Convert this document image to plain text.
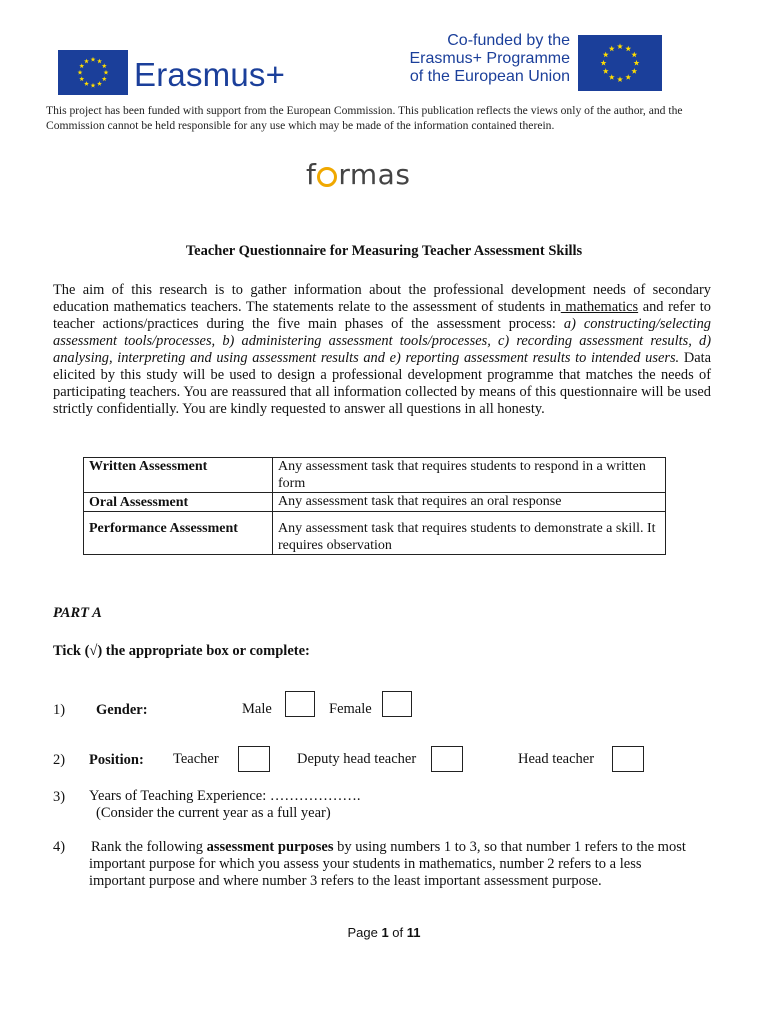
Erasmus+
Co-funded by the
Erasmus+ Programme
of the European Union
This project has been funded with support from the European Commission. This publication reflects the views only of the author, and the Commission cannot be held responsible for any use which may be made of the information contained therein.
f rmas
Teacher Questionnaire for Measuring Teacher Assessment Skills
The aim of this research is to gather information about the professional development needs of secondary education mathematics teachers. The statements relate to the assessment of students in mathematics and refer to teacher actions/practices during the five main phases of the assessment process: a) constructing/selecting assessment tools/processes, b) administering assessment tools/processes, c) recording assessment results, d) analysing, interpreting and using assessment results and e) reporting assessment results to intended users. Data elicited by this study will be used to design a professional development programme that matches the needs of participating teachers. You are reassured that all information collected by means of this questionnaire will be used strictly confidentially. You are kindly requested to answer all questions in all honesty.
Written Assessment	Any assessment task that requires students to respond in a written form
Oral Assessment	Any assessment task that requires an oral response
Performance Assessment	Any assessment task that requires students to demonstrate a skill. It requires observation
PART A
Tick (√) the appropriate box or complete:
1) Gender:	Male	Female
2) Position: Teacher	Deputy head teacher	Head teacher
3) Years of Teaching Experience: ……………….
(Consider the current year as a full year)
4) Rank the following assessment purposes by using numbers 1 to 3, so that number 1 refers to the most important purpose for which you assess your students in mathematics, number 2 refers to a less important purpose and where number 3 refers to the least important assessment purpose.
Page 1 of 11
